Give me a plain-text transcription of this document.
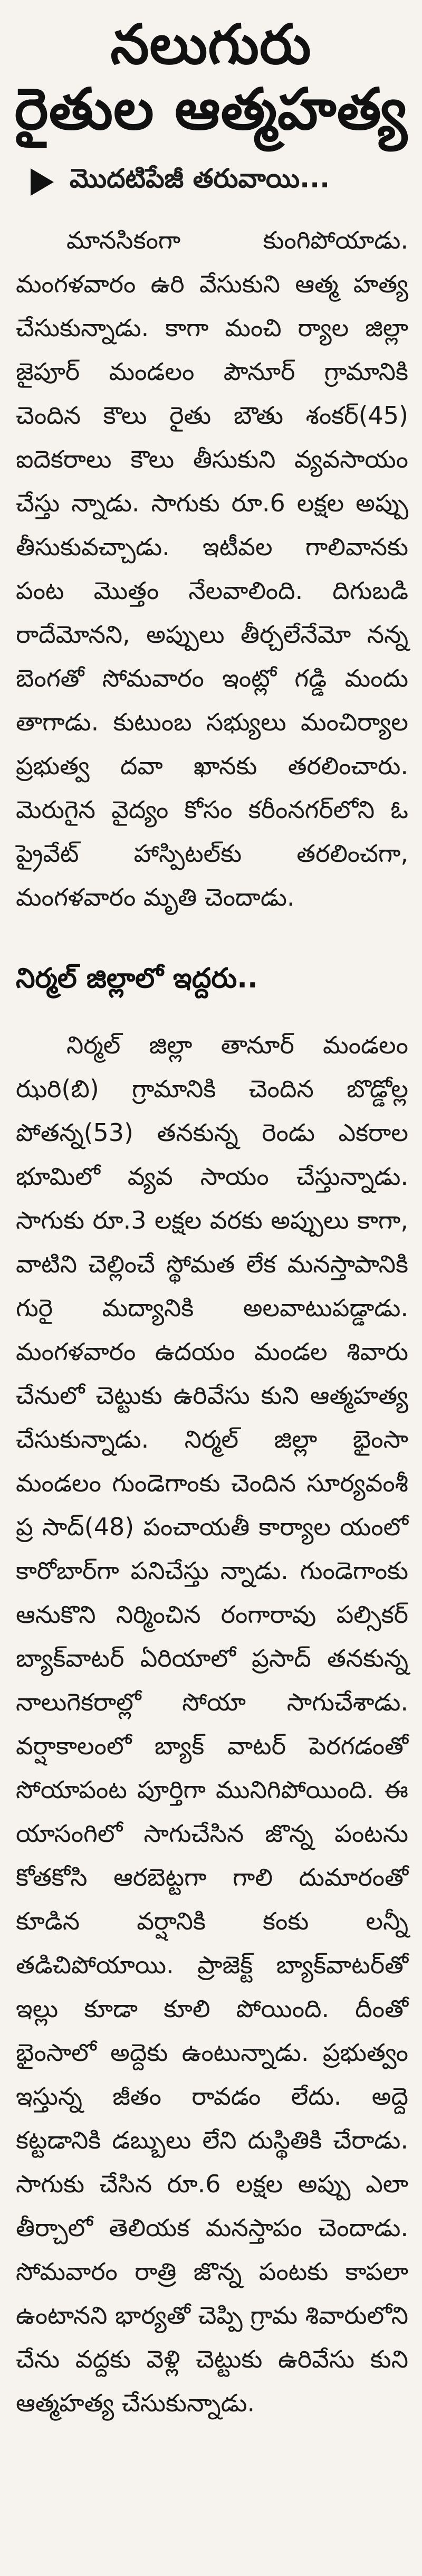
నలుగురు
రైతుల ఆత్మహత్య
మొదటిపేజీ తరువాయి...

మానసికంగా కుంగిపోయాడు. మంగళవారం ఉరి వేసుకుని ఆత్మ హత్య చేసుకున్నాడు. కాగా మంచి ర్యాల జిల్లా జైపూర్ మండలం పౌనూర్ గ్రామానికి చెందిన కౌలు రైతు బౌతు శంకర్(45) ఐదెకరాలు కౌలు తీసుకుని వ్యవసాయం చేస్తు న్నాడు. సాగుకు రూ.6 లక్షల అప్పు తీసుకువచ్చాడు. ఇటీవల గాలివానకు పంట మొత్తం నేలవాలింది. దిగుబడి రాదేమోనని, అప్పులు తీర్చలేనేమో నన్న బెంగతో సోమవారం ఇంట్లో గడ్డి మందు తాగాడు. కుటుంబ సభ్యులు మంచిర్యాల ప్రభుత్వ దవా ఖానకు తరలించారు. మెరుగైన వైద్యం కోసం కరీంనగర్‌లోని ఓ ప్రైవేట్ హాస్పిటల్‌కు తరలించగా, మంగళవారం మృతి చెందాడు.

నిర్మల్ జిల్లాలో ఇద్దరు..

నిర్మల్ జిల్లా తానూర్ మండలం ఝరి(బి) గ్రామానికి చెందిన బొడ్డోల్ల పోతన్న(53) తనకున్న రెండు ఎకరాల భూమిలో వ్యవ సాయం చేస్తున్నాడు. సాగుకు రూ.3 లక్షల వరకు అప్పులు కాగా, వాటిని చెల్లించే స్థోమత లేక మనస్తాపానికి గురై మద్యానికి అలవాటుపడ్డాడు. మంగళవారం ఉదయం మండల శివారు చేనులో చెట్టుకు ఉరివేసు కుని ఆత్మహత్య చేసుకున్నాడు. నిర్మల్ జిల్లా భైంసా మండలం గుండెగాంకు చెందిన సూర్యవంశీ ప్ర సాద్(48) పంచాయతీ కార్యాల యంలో కారోబార్‌గా పనిచేస్తు న్నాడు. గుండెగాంకు ఆనుకొని నిర్మించిన రంగారావు పల్సికర్ బ్యాక్‌వాటర్ ఏరియాలో ప్రసాద్ తనకున్న నాలుగెకరాల్లో సోయా సాగుచేశాడు. వర్షాకాలంలో బ్యాక్ వాటర్ పెరగడంతో సోయాపంట పూర్తిగా మునిగిపోయింది. ఈ యాసంగిలో సాగుచేసిన జొన్న పంటను కోతకోసి ఆరబెట్టగా గాలి దుమారంతో కూడిన వర్షానికి కంకు లన్నీ తడిచిపోయాయి. ప్రాజెక్ట్ బ్యాక్‌వాటర్‌తో ఇల్లు కూడా కూలి పోయింది. దీంతో భైంసాలో అద్దెకు ఉంటున్నాడు. ప్రభుత్వం ఇస్తున్న జీతం రావడం లేదు. అద్దె కట్టడానికి డబ్బులు లేని దుస్థితికి చేరాడు. సాగుకు చేసిన రూ.6 లక్షల అప్పు ఎలా తీర్చాలో తెలియక మనస్తాపం చెందాడు. సోమవారం రాత్రి జొన్న పంటకు కాపలా ఉంటానని భార్యతో చెప్పి గ్రామ శివారులోని చేను వద్దకు వెళ్లి చెట్టుకు ఉరివేసు కుని ఆత్మహత్య చేసుకున్నాడు.
